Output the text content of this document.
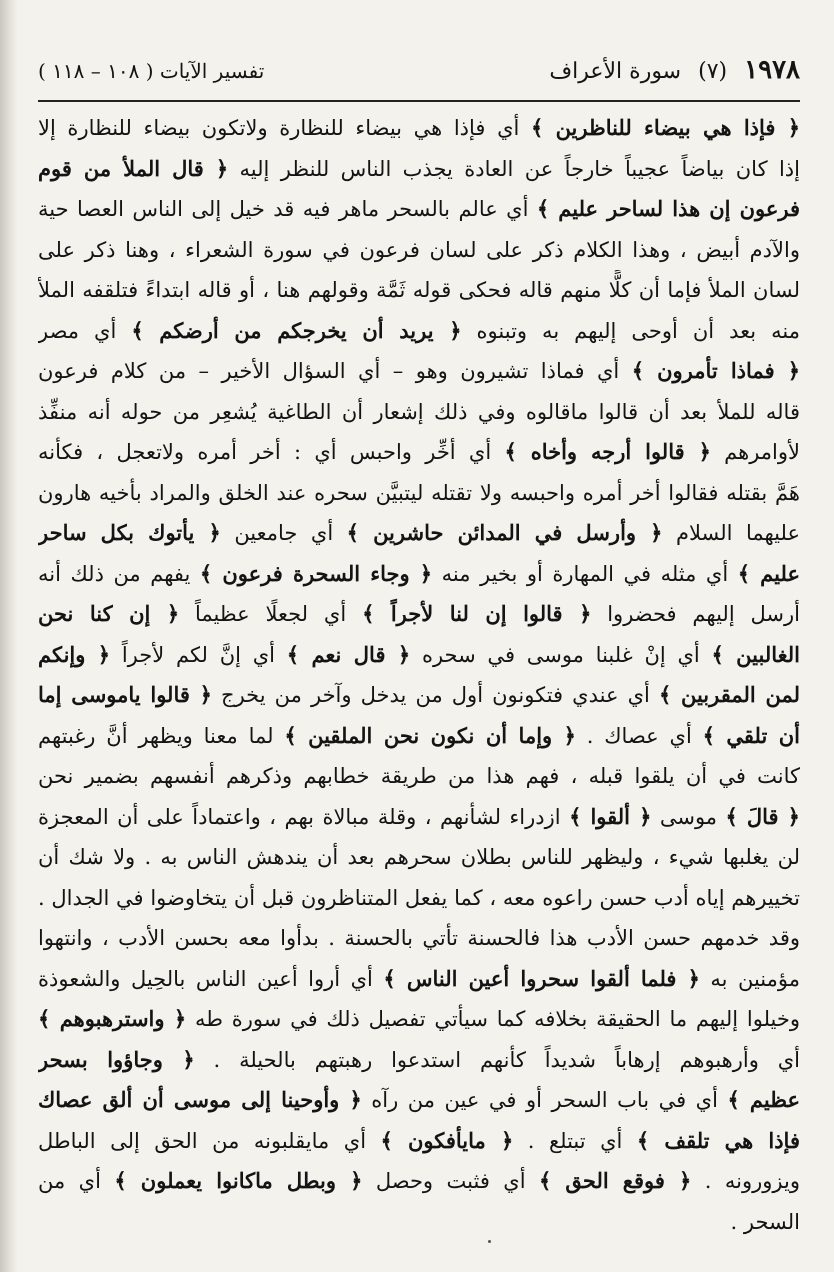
١٩٧٨ (٧) سورة الأعراف
تفسير الآيات ( ١٠٨ – ١١٨ )
﴿ فإذا هي بيضاء للناظرين ﴾ أي فإذا هي بيضاء للنظارة ولاتكون بيضاء للنظارة إلا
إذا كان بياضاً عجيباً خارجاً عن العادة يجذب الناس للنظر إليه ﴿ قال الملأ من قوم
فرعون إن هذا لساحر عليم ﴾ أي عالم بالسحر ماهر فيه قد خيل إلى الناس العصا حية
والآدم أبيض ، وهذا الكلام ذكر على لسان فرعون في سورة الشعراء ، وهنا ذكر على
لسان الملأ فإما أن كلًّا منهم قاله فحكى قوله ثَمَّة وقولهم هنا ، أو قاله ابتداءً فتلقفه الملأ
منه بعد أن أوحى إليهم به وتبنوه ﴿ يريد أن يخرجكم من أرضكم ﴾ أي مصر
﴿ فماذا تأمرون ﴾ أي فماذا تشيرون وهو – أي السؤال الأخير – من كلام فرعون
قاله للملأ بعد أن قالوا ماقالوه وفي ذلك إشعار أن الطاغية يُشعِر من حوله أنه منفِّذ
لأوامرهم ﴿ قالوا أرجه وأخاه ﴾ أي أخِّر واحبس أي : أخر أمره ولاتعجل ، فكأنه
هَمَّ بقتله فقالوا أخر أمره واحبسه ولا تقتله ليتبيَّن سحره عند الخلق والمراد بأخيه هارون
عليهما السلام ﴿ وأرسل في المدائن حاشرين ﴾ أي جامعين ﴿ يأتوك بكل ساحر
عليم ﴾ أي مثله في المهارة أو بخير منه ﴿ وجاء السحرة فرعون ﴾ يفهم من ذلك أنه
أرسل إليهم فحضروا ﴿ قالوا إن لنا لأجراً ﴾ أي لجعلًا عظيماً ﴿ إن كنا نحن
الغالبين ﴾ أي إنْ غلبنا موسى في سحره ﴿ قال نعم ﴾ أي إنَّ لكم لأجراً ﴿ وإنكم
لمن المقربين ﴾ أي عندي فتكونون أول من يدخل وآخر من يخرج ﴿ قالوا ياموسى إما
أن تلقي ﴾ أي عصاك . ﴿ وإما أن نكون نحن الملقين ﴾ لما معنا ويظهر أنَّ رغبتهم
كانت في أن يلقوا قبله ، فهم هذا من طريقة خطابهم وذكرهم أنفسهم بضمير نحن
﴿ قالَ ﴾ موسى ﴿ ألقوا ﴾ ازدراء لشأنهم ، وقلة مبالاة بهم ، واعتماداً على أن المعجزة
لن يغلبها شيء ، وليظهر للناس بطلان سحرهم بعد أن يندهش الناس به . ولا شك أن
تخييرهم إياه أدب حسن راعوه معه ، كما يفعل المتناظرون قبل أن يتخاوضوا في الجدال .
وقد خدمهم حسن الأدب هذا فالحسنة تأتي بالحسنة . بدأوا معه بحسن الأدب ، وانتهوا
مؤمنين به ﴿ فلما ألقوا سحروا أعين الناس ﴾ أي أروا أعين الناس بالحِيل والشعوذة
وخيلوا إليهم ما الحقيقة بخلافه كما سيأتي تفصيل ذلك في سورة طه ﴿ واسترهبوهم ﴾
أي وأرهبوهم إرهاباً شديداً كأنهم استدعوا رهبتهم بالحيلة . ﴿ وجاؤوا بسحر
عظيم ﴾ أي في باب السحر أو في عين من رآه ﴿ وأوحينا إلى موسى أن ألق عصاك
فإذا هي تلقف ﴾ أي تبتلع . ﴿ مايأفكون ﴾ أي مايقلبونه من الحق إلى الباطل
ويزورونه . ﴿ فوقع الحق ﴾ أي فثبت وحصل ﴿ وبطل ماكانوا يعملون ﴾ أي من
السحر .
